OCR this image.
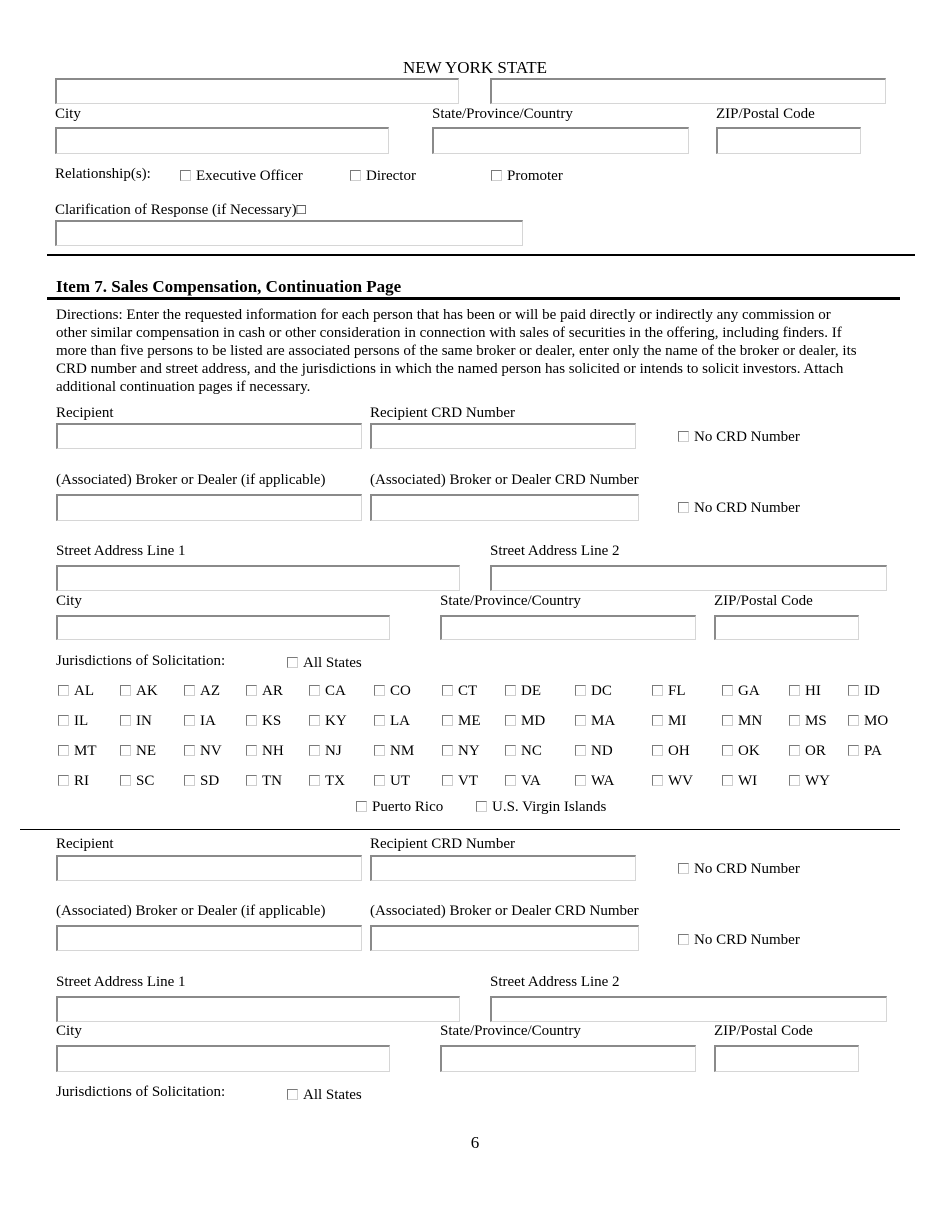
NEW YORK STATE
City	State/Province/Country	ZIP/Postal Code
Relationship(s):	Executive Officer	Director	Promoter
Clarification of Response (if Necessary)□
Item 7. Sales Compensation, Continuation Page
Directions: Enter the requested information for each person that has been or will be paid directly or indirectly any commission or
other similar compensation in cash or other consideration in connection with sales of securities in the offering, including finders. If
more than five persons to be listed are associated persons of the same broker or dealer, enter only the name of the broker or dealer, its
CRD number and street address, and the jurisdictions in which the named person has solicited or intends to solicit investors. Attach
additional continuation pages if necessary.
Recipient	Recipient CRD Number
No CRD Number
(Associated) Broker or Dealer (if applicable)	(Associated) Broker or Dealer CRD Number
No CRD Number
Street Address Line 1	Street Address Line 2
City	State/Province/Country	ZIP/Postal Code
Jurisdictions of Solicitation:	All States
AL	AK	AZ	AR	CA	CO	CT	DE	DC	FL	GA	HI	ID
IL	IN	IA	KS	KY	LA	ME	MD	MA	MI	MN	MS	MO
MT	NE	NV	NH	NJ	NM	NY	NC	ND	OH	OK	OR	PA
RI	SC	SD	TN	TX	UT	VT	VA	WA	WV	WI	WY
Puerto Rico	U.S. Virgin Islands
Recipient	Recipient CRD Number
No CRD Number
(Associated) Broker or Dealer (if applicable)	(Associated) Broker or Dealer CRD Number
No CRD Number
Street Address Line 1	Street Address Line 2
City	State/Province/Country	ZIP/Postal Code
Jurisdictions of Solicitation:	All States
6
